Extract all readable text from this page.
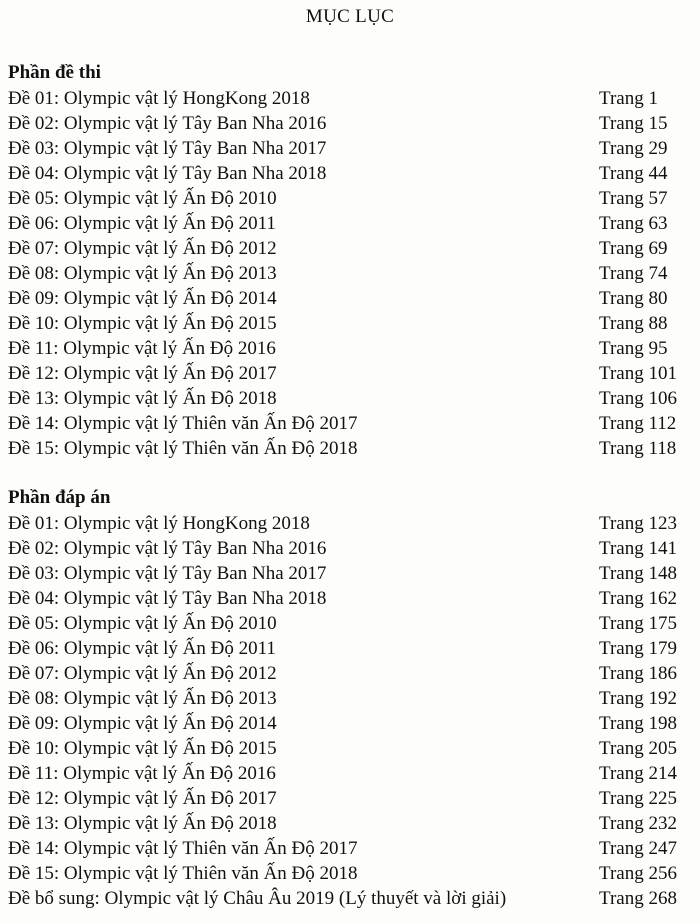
MỤC LỤC
Phần đề thi
Đề 01: Olympic vật lý HongKong 2018	Trang 1
Đề 02: Olympic vật lý Tây Ban Nha 2016	Trang 15
Đề 03: Olympic vật lý Tây Ban Nha 2017	Trang 29
Đề 04: Olympic vật lý Tây Ban Nha 2018	Trang 44
Đề 05: Olympic vật lý Ấn Độ 2010	Trang 57
Đề 06: Olympic vật lý Ấn Độ 2011	Trang 63
Đề 07: Olympic vật lý Ấn Độ 2012	Trang 69
Đề 08: Olympic vật lý Ấn Độ 2013	Trang 74
Đề 09: Olympic vật lý Ấn Độ 2014	Trang 80
Đề 10: Olympic vật lý Ấn Độ 2015	Trang 88
Đề 11: Olympic vật lý Ấn Độ 2016	Trang 95
Đề 12: Olympic vật lý Ấn Độ 2017	Trang 101
Đề 13: Olympic vật lý Ấn Độ 2018	Trang 106
Đề 14: Olympic vật lý Thiên văn Ấn Độ 2017	Trang 112
Đề 15: Olympic vật lý Thiên văn Ấn Độ 2018	Trang 118
Phần đáp án
Đề 01: Olympic vật lý HongKong 2018	Trang 123
Đề 02: Olympic vật lý Tây Ban Nha 2016	Trang 141
Đề 03: Olympic vật lý Tây Ban Nha 2017	Trang 148
Đề 04: Olympic vật lý Tây Ban Nha 2018	Trang 162
Đề 05: Olympic vật lý Ấn Độ 2010	Trang 175
Đề 06: Olympic vật lý Ấn Độ 2011	Trang 179
Đề 07: Olympic vật lý Ấn Độ 2012	Trang 186
Đề 08: Olympic vật lý Ấn Độ 2013	Trang 192
Đề 09: Olympic vật lý Ấn Độ 2014	Trang 198
Đề 10: Olympic vật lý Ấn Độ 2015	Trang 205
Đề 11: Olympic vật lý Ấn Độ 2016	Trang 214
Đề 12: Olympic vật lý Ấn Độ 2017	Trang 225
Đề 13: Olympic vật lý Ấn Độ 2018	Trang 232
Đề 14: Olympic vật lý Thiên văn Ấn Độ 2017	Trang 247
Đề 15: Olympic vật lý Thiên văn Ấn Độ 2018	Trang 256
Đề bổ sung: Olympic vật lý Châu Âu 2019 (Lý thuyết và lời giải)	Trang 268
